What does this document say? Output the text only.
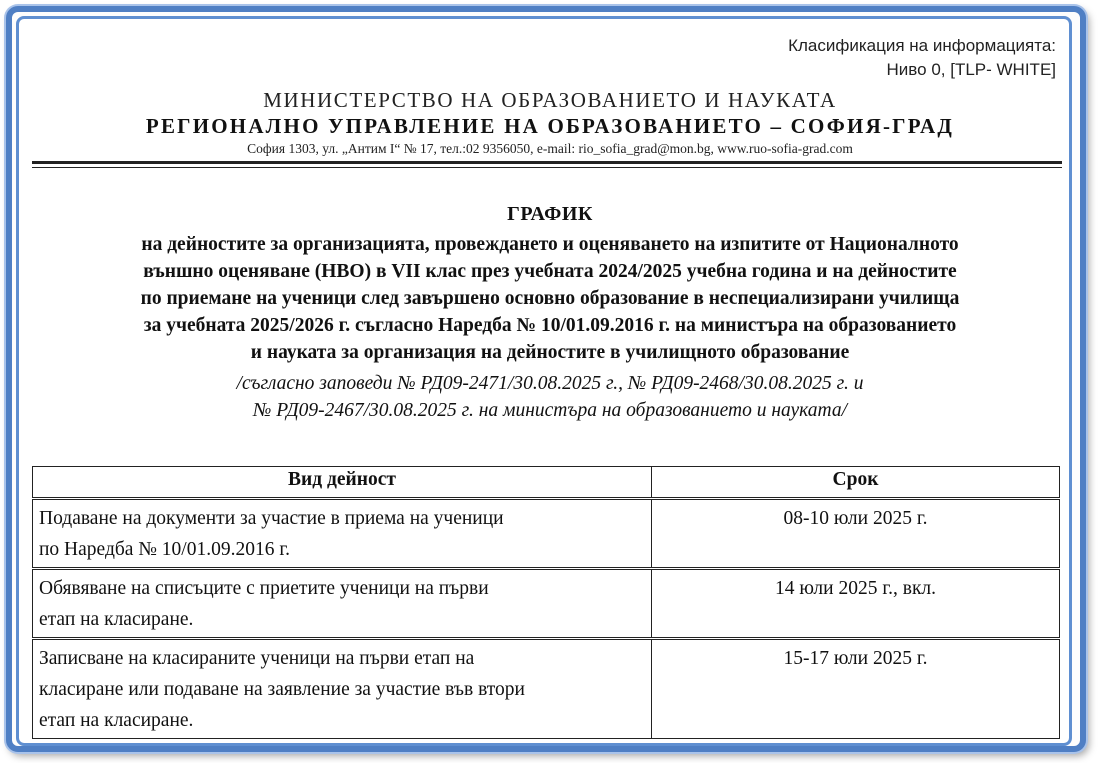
Класификация на информацията:
Ниво 0, [TLP- WHITE]
МИНИСТЕРСТВО НА ОБРАЗОВАНИЕТО И НАУКАТА
РЕГИОНАЛНО УПРАВЛЕНИЕ НА ОБРАЗОВАНИЕТО – СОФИЯ-ГРАД
София 1303, ул. „Антим I“ № 17, тел.:02 9356050, e-mail: rio_sofia_grad@mon.bg, www.ruo-sofia-grad.com
ГРАФИК
на дейностите за организацията, провеждането и оценяването на изпитите от Националното
външно оценяване (НВО) в VII клас през учебната 2024/2025 учебна година и на дейностите
по приемане на ученици след завършено основно образование в неспециализирани училища
за учебната 2025/2026 г. съгласно Наредба № 10/01.09.2016 г. на министъра на образованието
и науката за организация на дейностите в училищното образование
/съгласно заповеди № РД09-2471/30.08.2025 г., № РД09-2468/30.08.2025 г. и
№ РД09-2467/30.08.2025 г. на министъра на образованието и науката/
Вид дейност	Срок

Подаване на документи за участие в приема на ученици
по Наредба № 10/01.09.2016 г.	08-10 юли 2025 г.

Обявяване на списъците с приетите ученици на първи
етап на класиране.	14 юли 2025 г., вкл.

Записване на класираните ученици на първи етап на
класиране или подаване на заявление за участие във втори
етап на класиране.	15-17 юли 2025 г.
